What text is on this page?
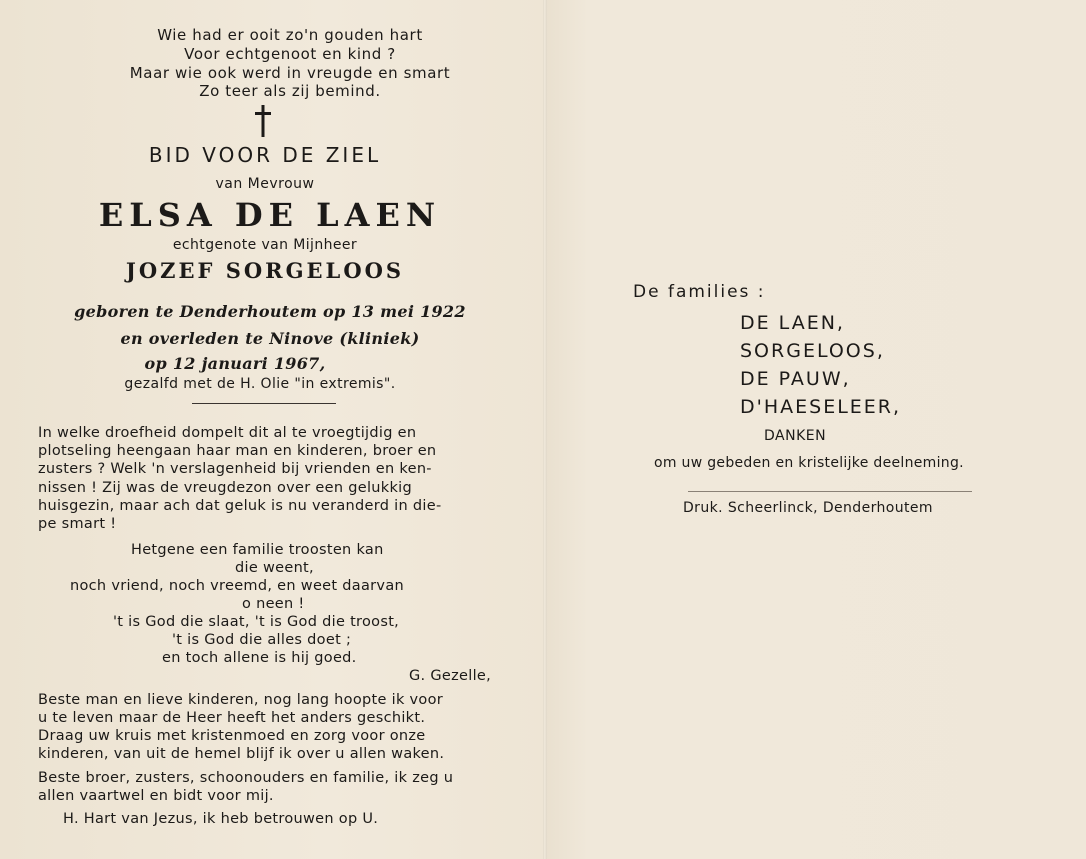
Wie had er ooit zo'n gouden hart
Voor echtgenoot en kind ?
Maar wie ook werd in vreugde en smart
Zo teer als zij bemind.
BID VOOR DE ZIEL
van Mevrouw
ELSA DE LAEN
echtgenote van Mijnheer
JOZEF SORGELOOS
geboren te Denderhoutem op 13 mei 1922
en overleden te Ninove (kliniek)
op 12 januari 1967,
gezalfd met de H. Olie "in extremis".
In welke droefheid dompelt dit al te vroegtijdig en
plotseling heengaan haar man en kinderen, broer en
zusters ? Welk 'n verslagenheid bij vrienden en ken-
nissen ! Zij was de vreugdezon over een gelukkig
huisgezin, maar ach dat geluk is nu veranderd in die-
pe smart !
Hetgene een familie troosten kan
die weent,
noch vriend, noch vreemd, en weet daarvan
o neen !
't is God die slaat, 't is God die troost,
't is God die alles doet ;
en toch allene is hij goed.
G. Gezelle,
Beste man en lieve kinderen, nog lang hoopte ik voor
u te leven maar de Heer heeft het anders geschikt.
Draag uw kruis met kristenmoed en zorg voor onze
kinderen, van uit de hemel blijf ik over u allen waken.
Beste broer, zusters, schoonouders en familie, ik zeg u
allen vaartwel en bidt voor mij.
H. Hart van Jezus, ik heb betrouwen op U.
De families :
DE LAEN,
SORGELOOS,
DE PAUW,
D'HAESELEER,
DANKEN
om uw gebeden en kristelijke deelneming.
Druk. Scheerlinck, Denderhoutem
